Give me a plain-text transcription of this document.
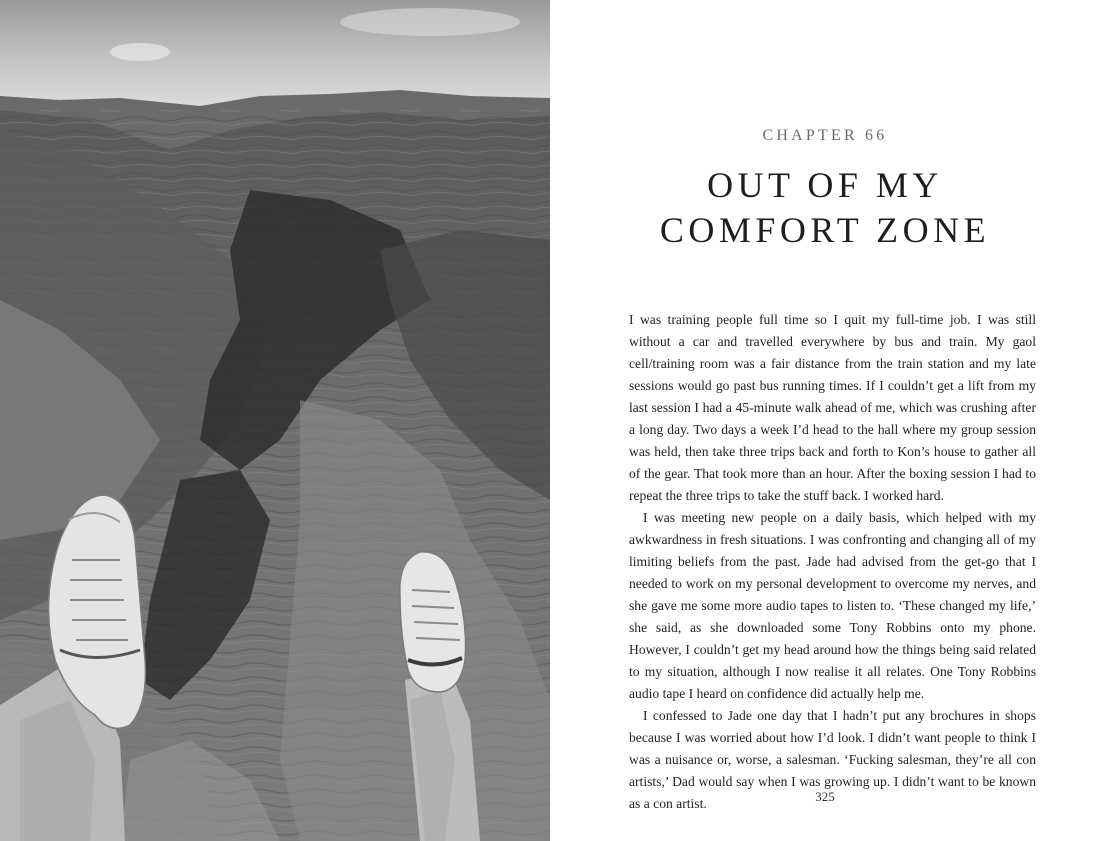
CHAPTER 66
OUT OF MY
COMFORT ZONE

I was training people full time so I quit my full-time job. I was still without a car and travelled everywhere by bus and train. My gaol cell/training room was a fair distance from the train station and my late sessions would go past bus running times. If I couldn’t get a lift from my last session I had a 45-minute walk ahead of me, which was crushing after a long day. Two days a week I’d head to the hall where my group session was held, then take three trips back and forth to Kon’s house to gather all of the gear. That took more than an hour. After the boxing session I had to repeat the three trips to take the stuff back. I worked hard.

I was meeting new people on a daily basis, which helped with my awkwardness in fresh situations. I was confronting and changing all of my limiting beliefs from the past. Jade had advised from the get-go that I needed to work on my personal development to overcome my nerves, and she gave me some more audio tapes to listen to. ‘These changed my life,’ she said, as she downloaded some Tony Robbins onto my phone. However, I couldn’t get my head around how the things being said related to my situation, although I now realise it all relates. One Tony Robbins audio tape I heard on confidence did actually help me.

I confessed to Jade one day that I hadn’t put any brochures in shops because I was worried about how I’d look. I didn’t want people to think I was a nuisance or, worse, a salesman. ‘Fucking salesman, they’re all con artists,’ Dad would say when I was growing up. I didn’t want to be known as a con artist.	325
